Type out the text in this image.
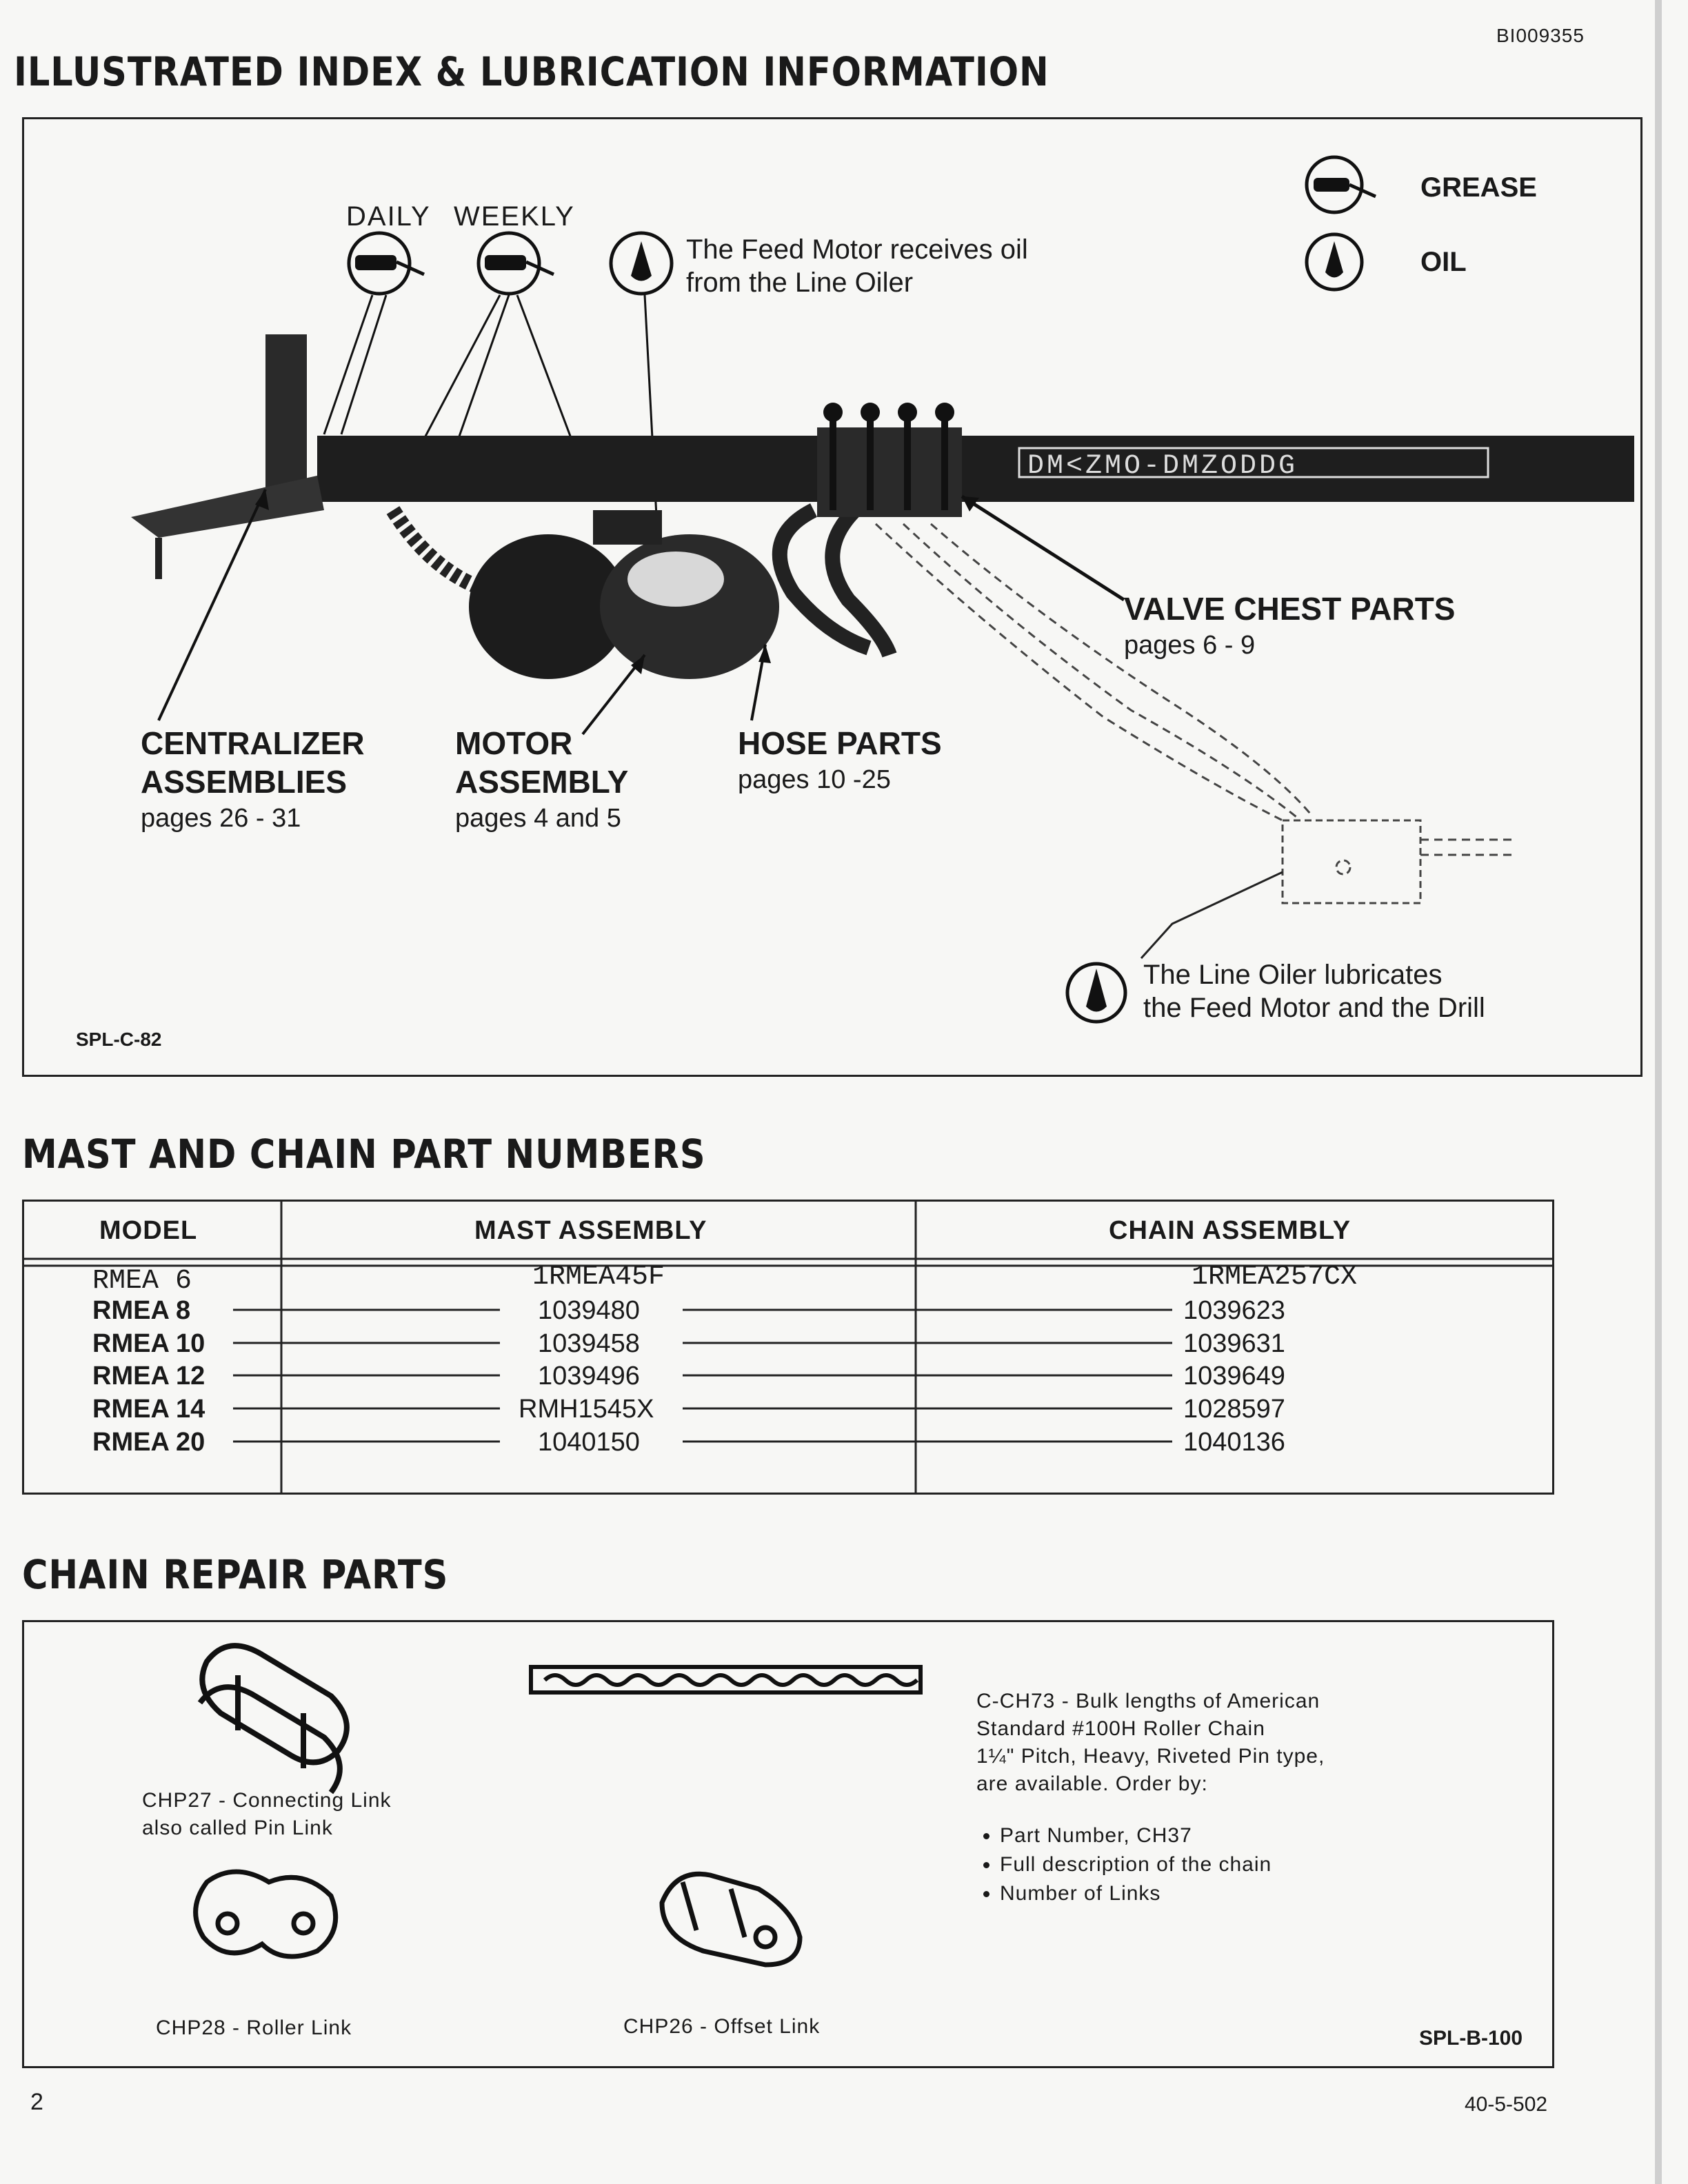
BI009355
ILLUSTRATED INDEX & LUBRICATION INFORMATION
DM<ZMO-DMZODDG
GREASE
OIL
DAILY WEEKLY
The Feed Motor receives oil
from the Line Oiler
VALVE CHEST PARTS
pages 6 - 9
CENTRALIZER
ASSEMBLIES
pages 26 - 31
MOTOR
ASSEMBLY
pages 4 and 5
HOSE PARTS
pages 10 -25
The Line Oiler lubricates
the Feed Motor and the Drill
SPL-C-82
MAST AND CHAIN PART NUMBERS
MODEL	MAST ASSEMBLY	CHAIN ASSEMBLY
RMEA 6	1RMEA45F	1RMEA257CX
RMEA 8	1039480	1039623
RMEA 10	1039458	1039631
RMEA 12	1039496	1039649
RMEA 14	RMH1545X	1028597
RMEA 20	1040150	1040136
CHAIN REPAIR PARTS
CHP27 - Connecting Link
also called Pin Link
CHP28 - Roller Link	CHP26 - Offset Link
C-CH73 - Bulk lengths of American
Standard #100H Roller Chain
1¼" Pitch, Heavy, Riveted Pin type,
are available. Order by:
• Part Number, CH37
• Full description of the chain
• Number of Links
SPL-B-100
2	40-5-502
